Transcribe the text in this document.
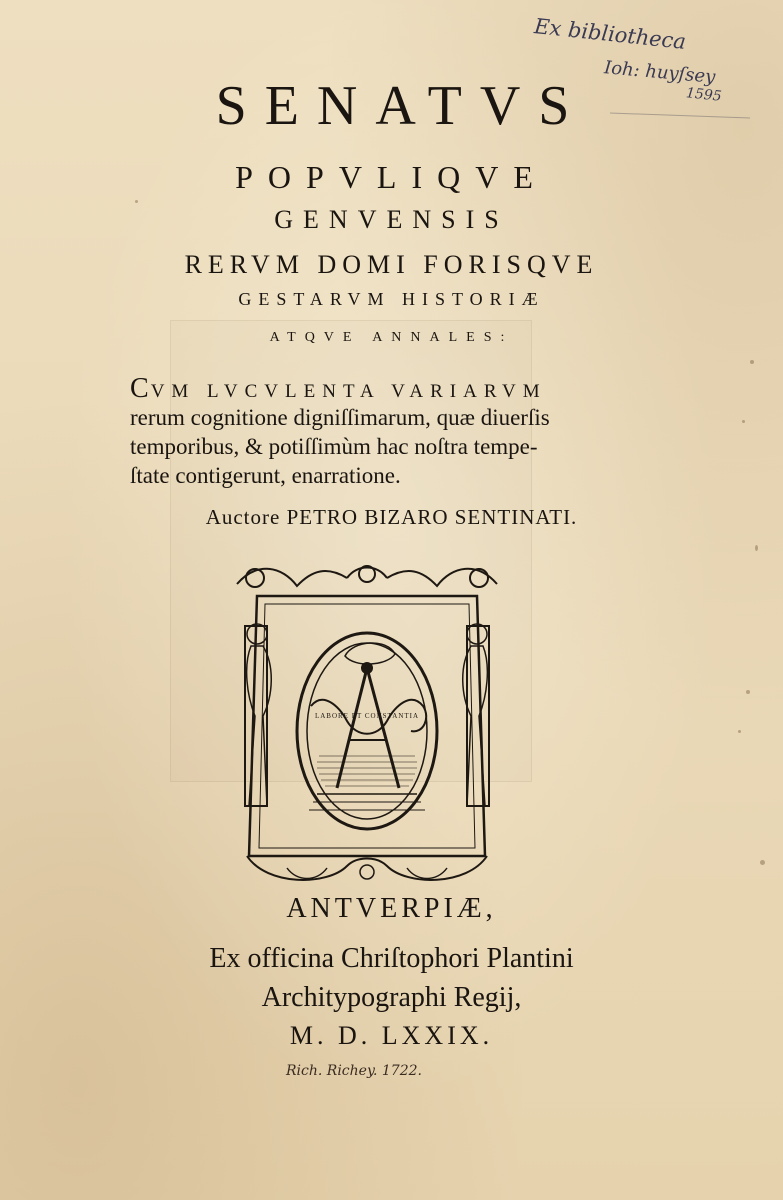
Ex bibliotheca
Ioh: huyſsey
1595
SENATVS
POPVLIQVE
GENVENSIS
RERVM DOMI FORISQVE
GESTARVM HISTORIÆ
ATQVE ANNALES:
CVM LVCVLENTA VARIARVM
rerum cognitione digniſſimarum, quæ diuerſis
temporibus, & potiſſimùm hac noſtra tempe-
ſtate contigerunt, enarratione.
Auctore PETRO BIZARO SENTINATI.
LABORE ET CONSTANTIA
ANTVERPIÆ,
Ex officina Chriſtophori Plantini
Architypographi Regij,
M. D. LXXIX.
Rich. Richey. 1722.
